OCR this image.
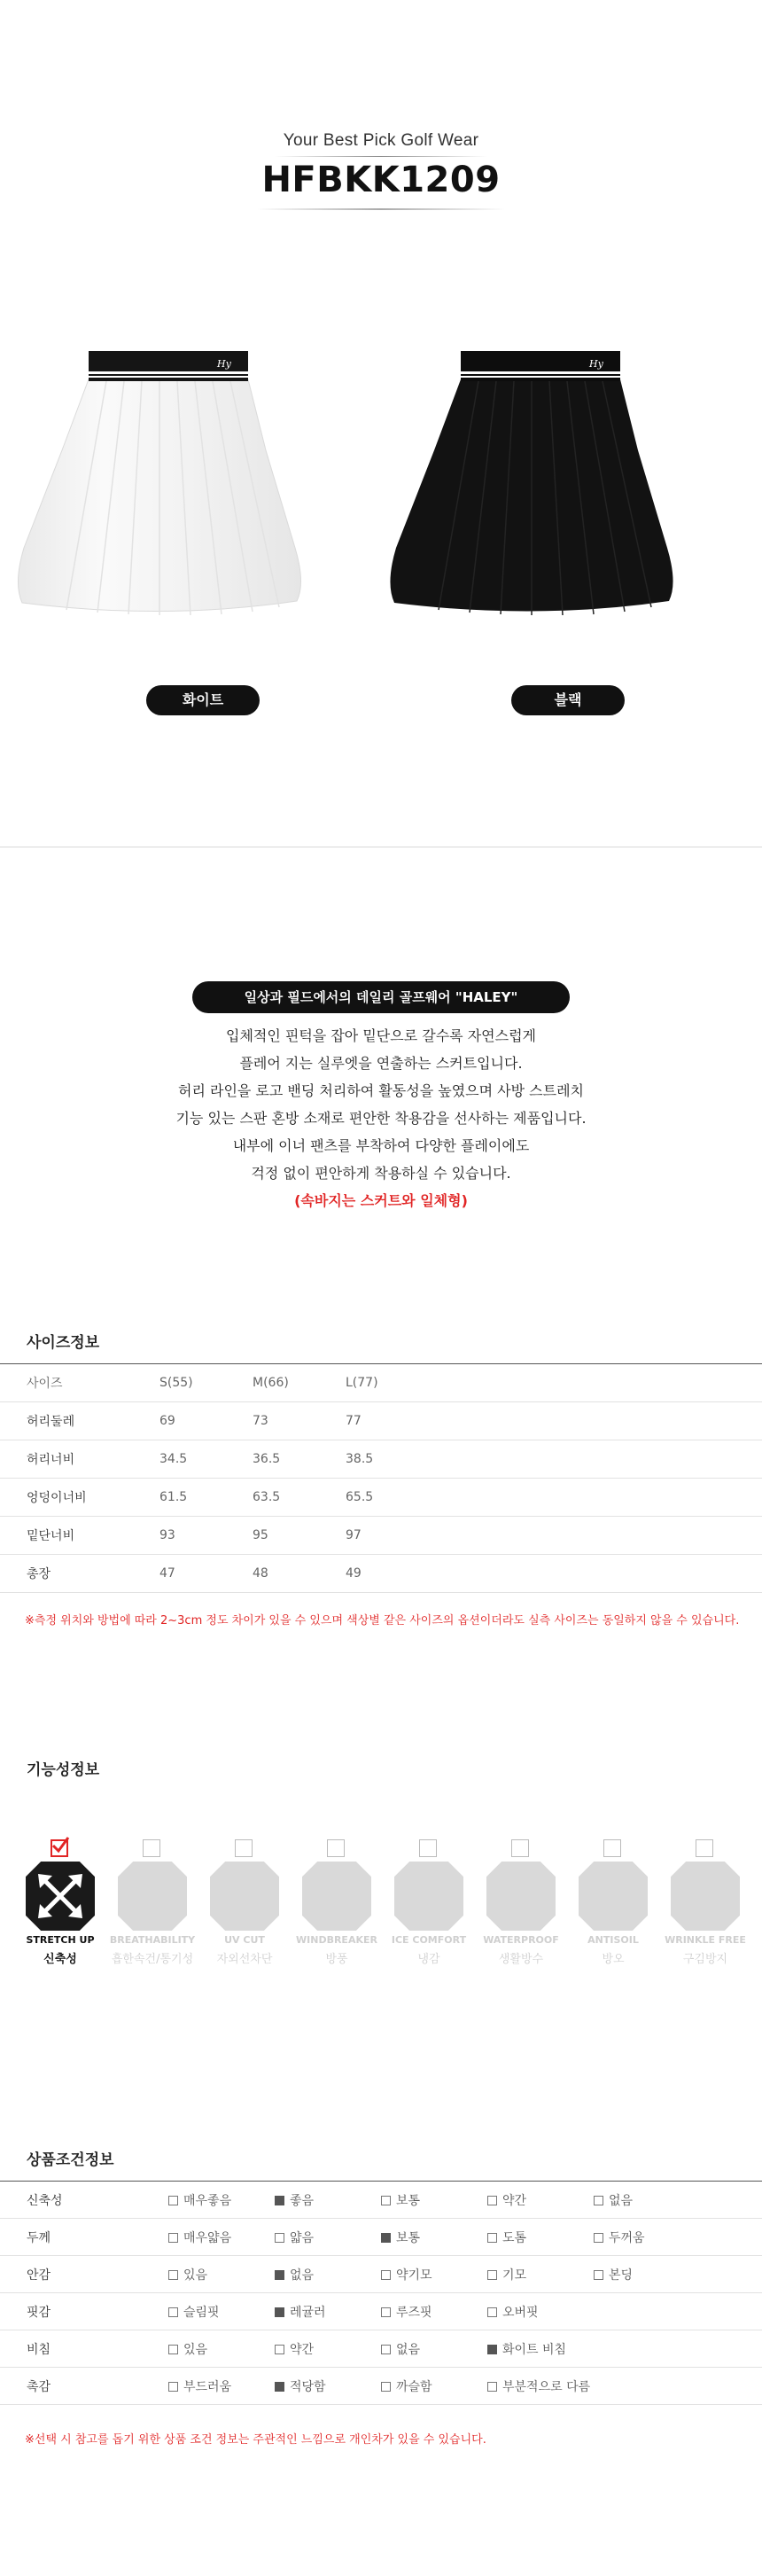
Your Best Pick Golf Wear
HFBKK1209
Hy	Hy
화이트	블랙
일상과 필드에서의 데일리 골프웨어 "HALEY"
입체적인 핀턱을 잡아 밑단으로 갈수록 자연스럽게
플레어 지는 실루엣을 연출하는 스커트입니다.
허리 라인을 로고 밴딩 처리하여 활동성을 높였으며 사방 스트레치
기능 있는 스판 혼방 소재로 편안한 착용감을 선사하는 제품입니다.
내부에 이너 팬츠를 부착하여 다양한 플레이에도
걱정 없이 편안하게 착용하실 수 있습니다.
(속바지는 스커트와 일체형)
사이즈정보
사이즈	S(55)	M(66)	L(77)	
허리둘레	69	73	77	
허리너비	34.5	36.5	38.5	
엉덩이너비	61.5	63.5	65.5	
밑단너비	93	95	97	
총장	47	48	49	
※측정 위치와 방법에 따라 2~3cm 정도 차이가 있을 수 있으며 색상별 같은 사이즈의 옵션이더라도 실측 사이즈는 동일하지 않을 수 있습니다.
기능성정보
STRETCH UP
신축성
BREATHABILITY
흡한속건/통기성
UV CUT
자외선차단
WINDBREAKER
방풍
ICE COMFORT
냉감
WATERPROOF
생활방수
ANTISOIL
방오
WRINKLE FREE
구김방지
상품조건정보
신축성	매우좋음	좋음	보통	약간	없음
두께	매우얇음	얇음	보통	도톰	두꺼움
안감	있음	없음	약기모	기모	본딩
핏감	슬림핏	레귤러	루즈핏	오버핏	
비침	있음	약간	없음	화이트 비침	
촉감	부드러움	적당함	까슬함	부분적으로 다름	
※선택 시 참고를 돕기 위한 상품 조건 정보는 주관적인 느낌으로 개인차가 있을 수 있습니다.
